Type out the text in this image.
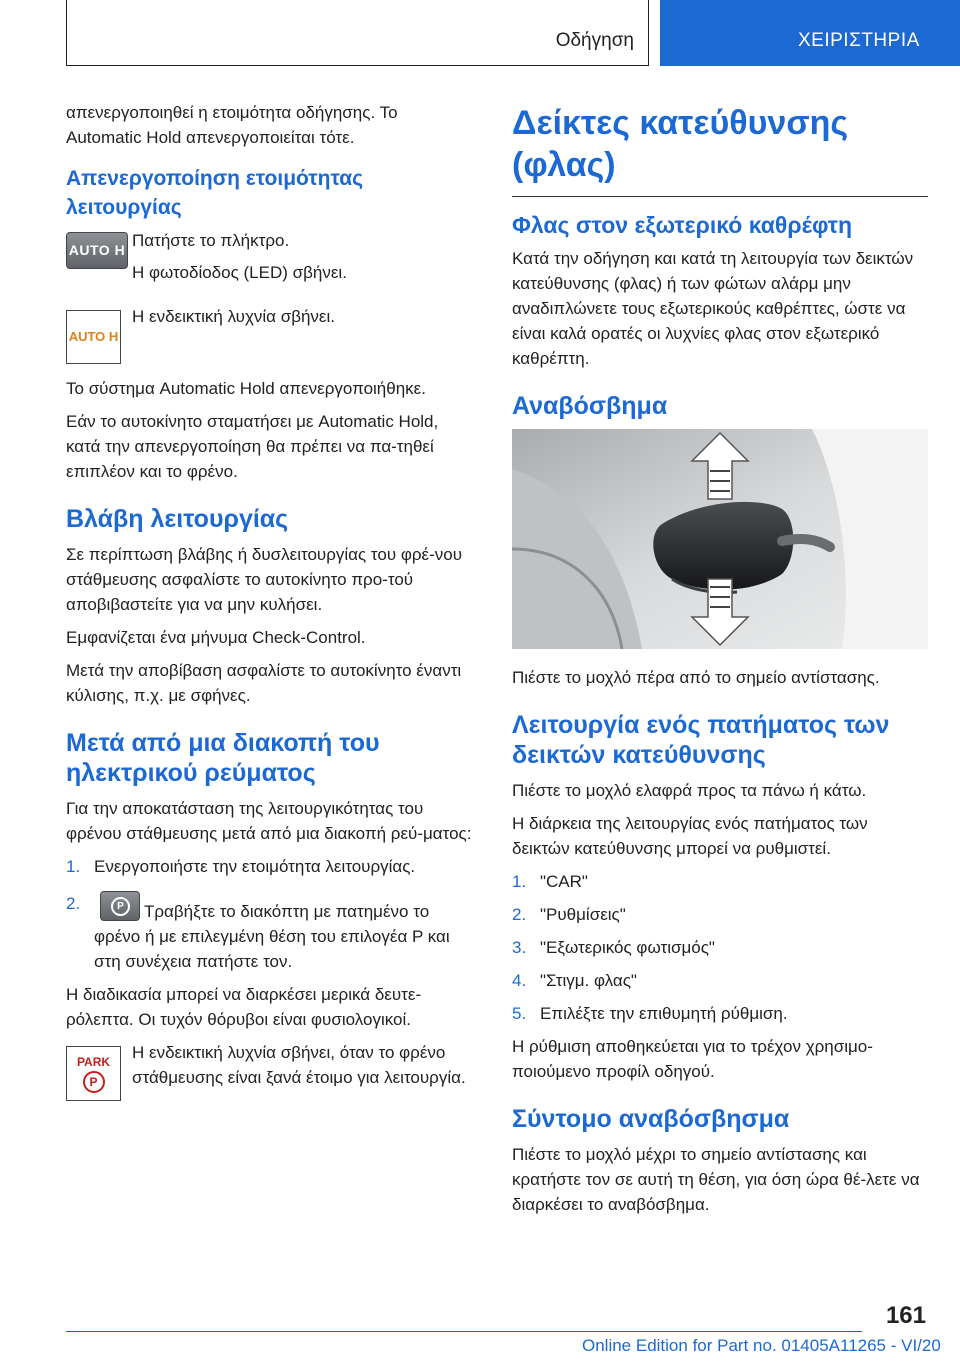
Οδήγηση	ΧΕΙΡΙΣΤΗΡΙΑ

απενεργοποιηθεί η ετοιμότητα οδήγησης. Το Automatic Hold απενεργοποιείται τότε.

Απενεργοποίηση ετοιμότητας λειτουργίας
AUTO H Πατήστε το πλήκτρο.

Η φωτοδίοδος (LED) σβήνει.

AUTO H

Η ενδεικτική λυχνία σβήνει.

Το σύστημα Automatic Hold απενεργοποιήθηκε.

Εάν το αυτοκίνητο σταματήσει με Automatic Hold, κατά την απενεργοποίηση θα πρέπει να πα‐τηθεί επιπλέον και το φρένο.

Βλάβη λειτουργίας

Σε περίπτωση βλάβης ή δυσλειτουργίας του φρέ‐νου στάθμευσης ασφαλίστε το αυτοκίνητο προ‐τού αποβιβαστείτε για να μην κυλήσει.

Εμφανίζεται ένα μήνυμα Check-Control.

Μετά την αποβίβαση ασφαλίστε το αυτοκίνητο έναντι κύλισης, π.χ. με σφήνες.

Μετά από μια διακοπή του ηλεκτρικού ρεύματος

Για την αποκατάσταση της λειτουργικότητας του φρένου στάθμευσης μετά από μια διακοπή ρεύ‐ματος:

1. Ενεργοποιήστε την ετοιμότητα λειτουργίας.
2.	P	Τραβήξτε το διακόπτη με πατημένο το φρένο ή με επιλεγμένη θέση του επιλογέα P και στη συνέχεια πατήστε τον.

Η διαδικασία μπορεί να διαρκέσει μερικά δευτε‐ρόλεπτα. Οι τυχόν θόρυβοι είναι φυσιολογικοί.

PARK
P

Η ενδεικτική λυχνία σβήνει, όταν το φρένο στάθμευσης είναι ξανά έτοιμο για λειτουργία.

Δείκτες κατεύθυνσης (φλας)
Φλας στον εξωτερικό καθρέφτη

Κατά την οδήγηση και κατά τη λειτουργία των δεικτών κατεύθυνσης (φλας) ή των φώτων αλάρμ μην αναδιπλώνετε τους εξωτερικούς καθρέπτες, ώστε να είναι καλά ορατές οι λυχνίες φλας στον εξωτερικό καθρέπτη.

Αναβόσβημα

Πιέστε το μοχλό πέρα από το σημείο αντίστασης.

Λειτουργία ενός πατήματος των δεικτών κατεύθυνσης

Πιέστε το μοχλό ελαφρά προς τα πάνω ή κάτω.

Η διάρκεια της λειτουργίας ενός πατήματος των δεικτών κατεύθυνσης μπορεί να ρυθμιστεί.

1. "CAR"
2. "Ρυθμίσεις"
3. "Εξωτερικός φωτισμός"
4. "Στιγμ. φλας"
5. Επιλέξτε την επιθυμητή ρύθμιση.

Η ρύθμιση αποθηκεύεται για το τρέχον χρησιμο‐ποιούμενο προφίλ οδηγού.

Σύντομο αναβόσβησμα

Πιέστε το μοχλό μέχρι το σημείο αντίστασης και κρατήστε τον σε αυτή τη θέση, για όση ώρα θέ‐λετε να διαρκέσει το αναβόσβημα.

161
Online Edition for Part no. 01405A11265 - VI/20
